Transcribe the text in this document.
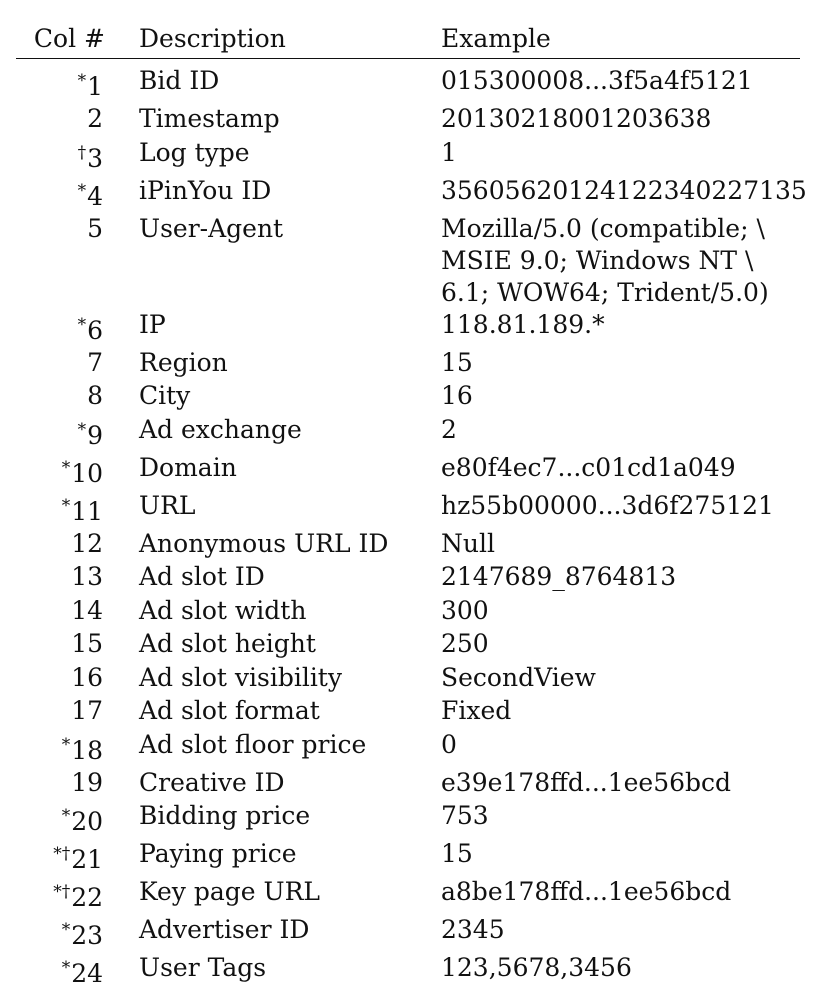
Col #	Description	Example
*1	Bid ID	015300008...3f5a4f5121

2	Timestamp	20130218001203638

†3	Log type	1

*4	iPinYou ID	35605620124122340227135

5	User-Agent	Mozilla/5.0 (compatible; \
MSIE 9.0; Windows NT \
6.1; WOW64; Trident/5.0)

*6	IP	118.81.189.*

7	Region	15

8	City	16

*9	Ad exchange	2

*10	Domain	e80f4ec7...c01cd1a049

*11	URL	hz55b00000...3d6f275121

12	Anonymous URL ID	Null

13	Ad slot ID	2147689_8764813

14	Ad slot width	300

15	Ad slot height	250

16	Ad slot visibility	SecondView

17	Ad slot format	Fixed

*18	Ad slot floor price	0

19	Creative ID	e39e178ffd...1ee56bcd

*20	Bidding price	753

*†21	Paying price	15

*†22	Key page URL	a8be178ffd...1ee56bcd

*23	Advertiser ID	2345

*24	User Tags	123,5678,3456
